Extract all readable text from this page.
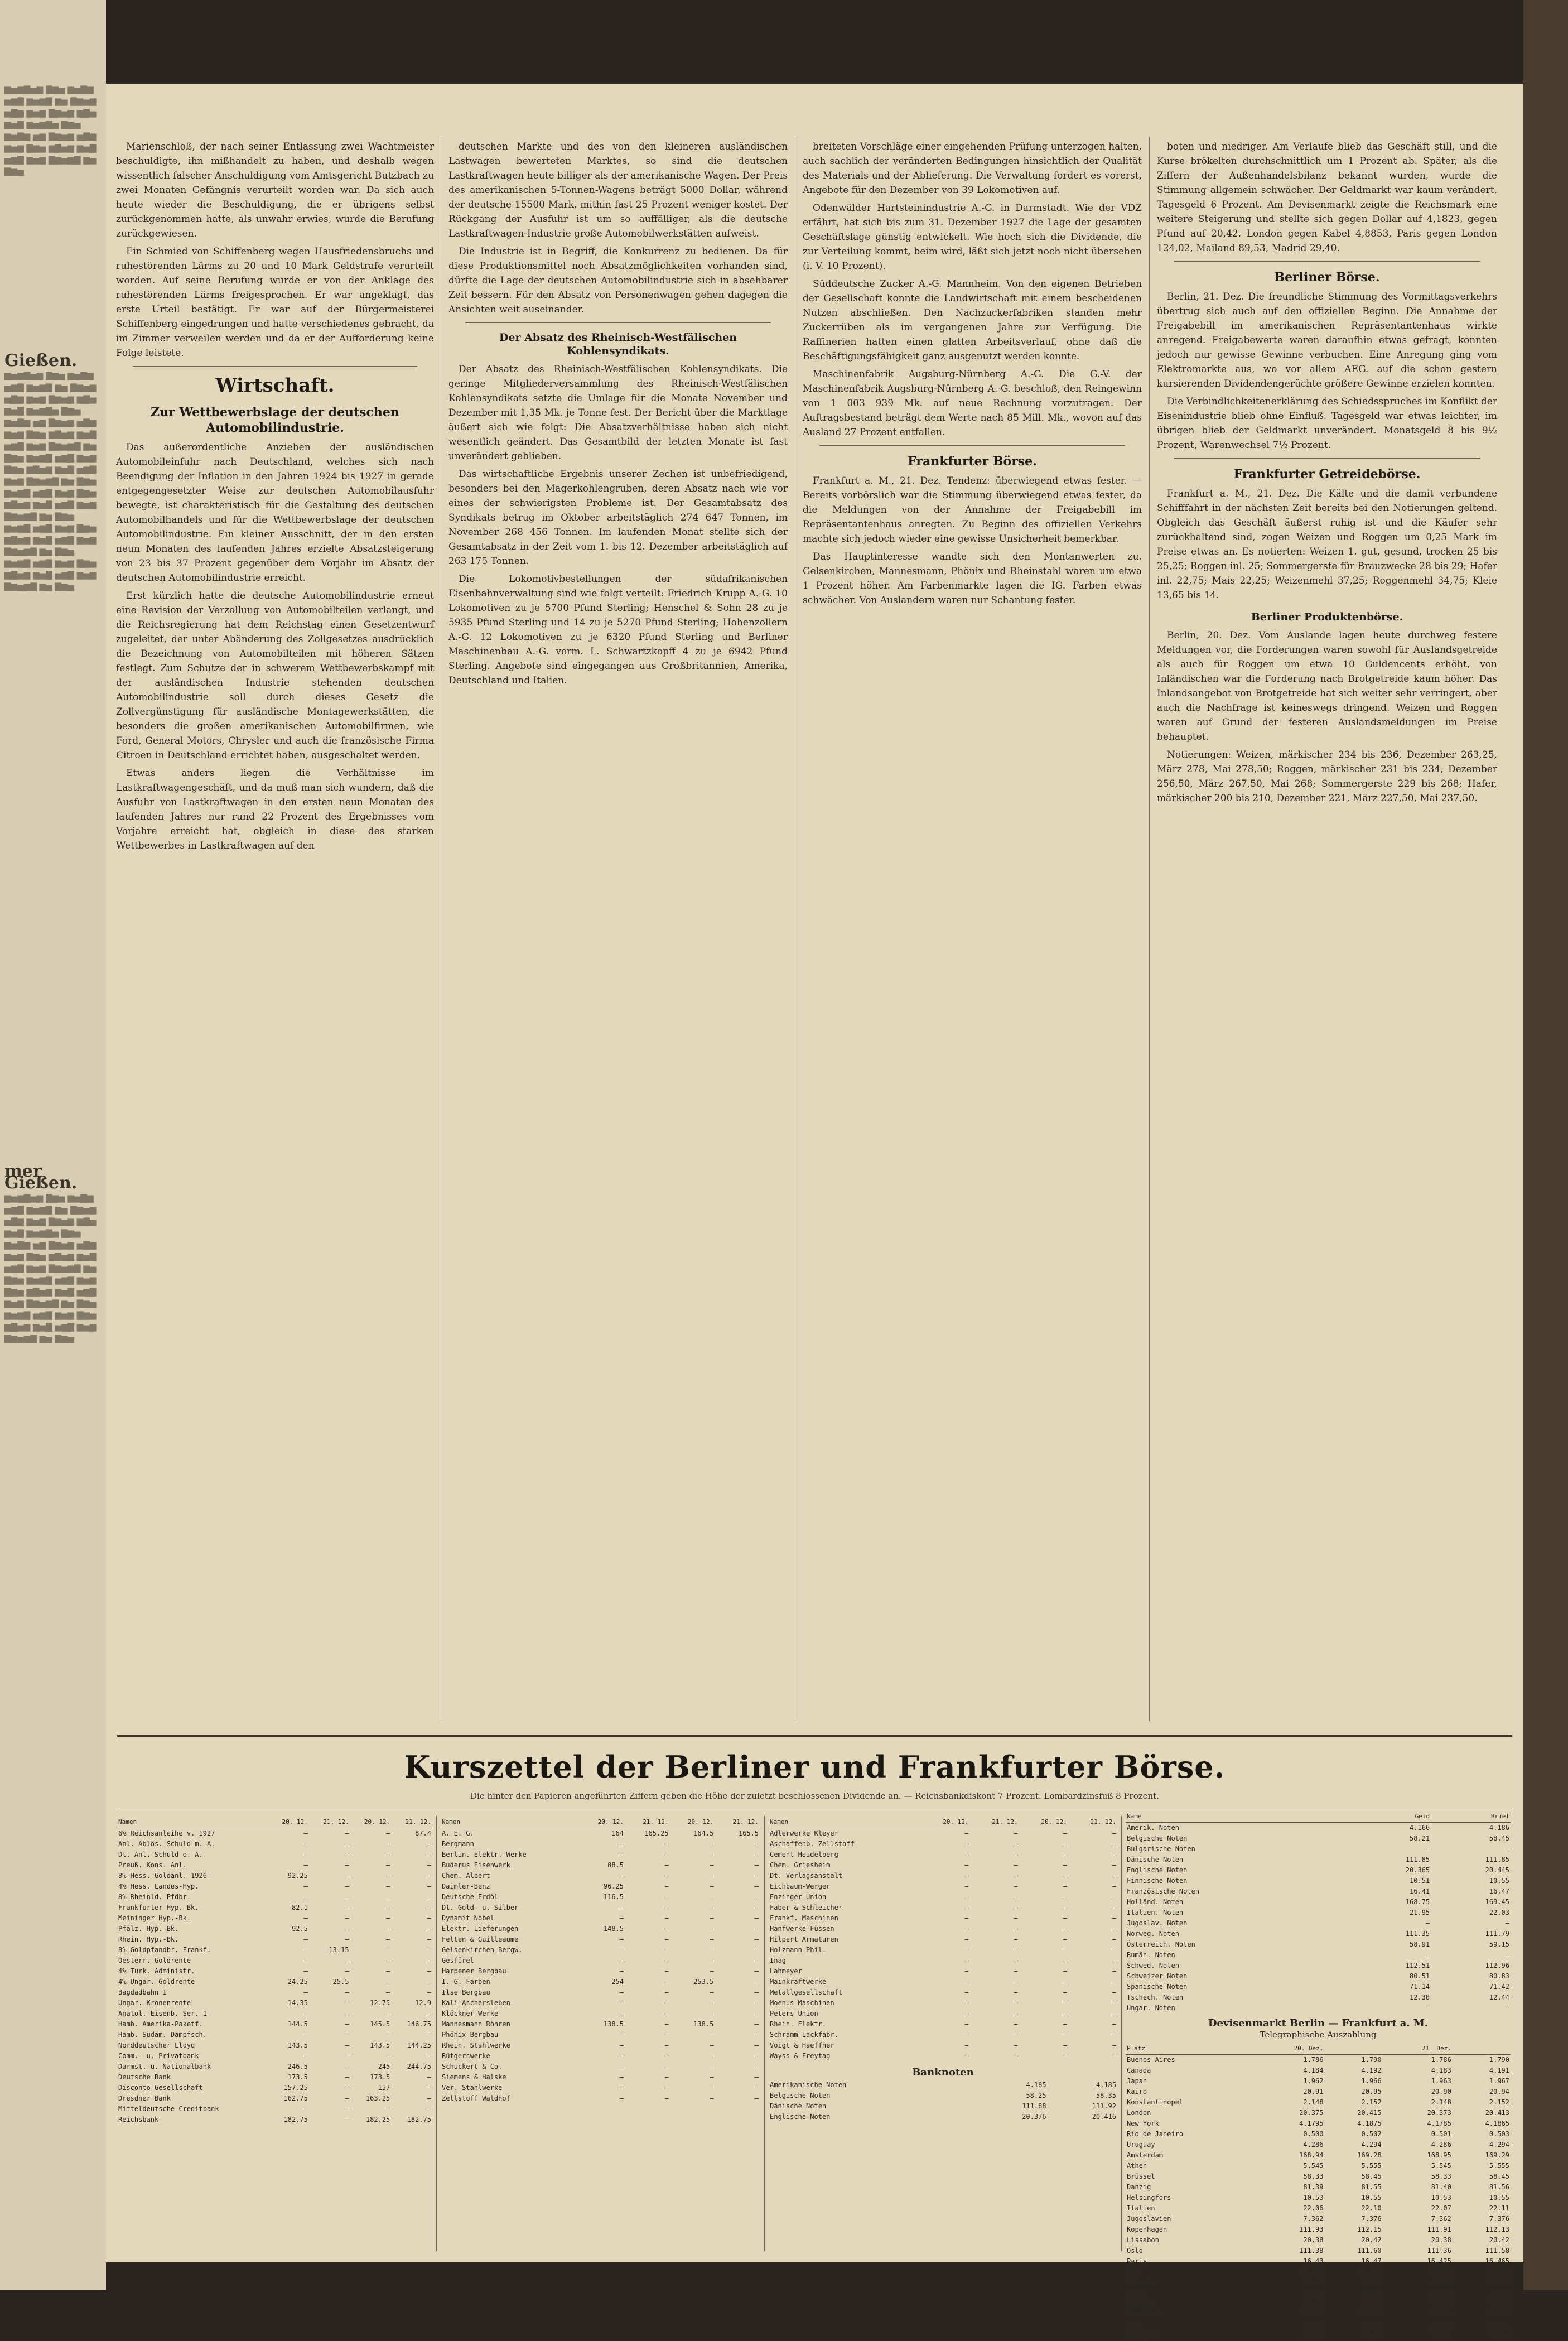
▆▅▆▇▅▆ ▇▆▅ ▆▅▇▆ ▅▆▇ ▆▅▆▇ ▆▅ ▇▆▅▆ ▅▇▆ ▆▅▆ ▇▆▅▆ ▆▇▅ ▆▅▇ ▆▅▆▇▅ ▇▆▅ ▆▅▇▆ ▅▆ ▇▆▅▆ ▅▇▆ ▆▅▆ ▇▆▅ ▆▇▅▆ ▆▅▇ ▅▆▇ ▆▅▆ ▇▆▅▆▇ ▆▅ ▇▆▅
Gießen.
▆▅▆▇▅▆ ▇▆▅ ▆▅▇▆ ▅▆▇ ▆▅▆▇ ▆▅ ▇▆▅▆ ▅▇▆ ▆▅▆ ▇▆▅▆ ▆▇▅ ▆▅▇ ▆▅▆▇▅ ▇▆▅ ▆▅▇▆ ▅▆ ▇▆▅▆ ▅▇▆ ▆▅▆ ▇▆▅ ▆▇▅▆ ▆▅▇ ▅▆▇ ▆▅▆ ▇▆▅▆▇ ▆▅ ▇▆▅ ▆▅▆▇ ▅▆▇ ▆▅▆ ▇▆▅ ▆▇▅▆ ▆▅▇ ▅▆▇ ▆▅▆ ▇▆▅▆▇ ▆▅ ▇▆▅ ▆▅▆▇ ▅▆▇ ▆▅▆ ▇▆▅ ▆▇▅▆ ▆▅▇ ▅▆▇ ▆▅▆ ▇▆▅▆▇ ▆▅ ▇▆▅ ▆▅▆▇ ▅▆▇ ▆▅▆ ▇▆▅ ▆▇▅▆ ▆▅▇ ▅▆▇ ▆▅▆ ▇▆▅▆▇ ▆▅ ▇▆▅ ▆▅▆▇ ▅▆▇ ▆▅▆ ▇▆▅ ▆▇▅▆ ▆▅▇ ▅▆▇ ▆▅▆ ▇▆▅▆▇ ▆▅ ▇▆▅
mer Gießen.
▆▅▆▇▅▆ ▇▆▅ ▆▅▇▆ ▅▆▇ ▆▅▆▇ ▆▅ ▇▆▅▆ ▅▇▆ ▆▅▆ ▇▆▅▆ ▆▇▅ ▆▅▇ ▆▅▆▇▅ ▇▆▅ ▆▅▇▆ ▅▆ ▇▆▅▆ ▅▇▆ ▆▅▆ ▇▆▅ ▆▇▅▆ ▆▅▇ ▅▆▇ ▆▅▆ ▇▆▅▆▇ ▆▅ ▇▆▅ ▆▅▆▇ ▅▆▇ ▆▅▆ ▇▆▅ ▆▇▅▆ ▆▅▇ ▅▆▇ ▆▅▆ ▇▆▅▆▇ ▆▅ ▇▆▅ ▆▅▆▇ ▅▆▇ ▆▅▆ ▇▆▅ ▆▇▅▆ ▆▅▇ ▅▆▇ ▆▅▆ ▇▆▅▆▇ ▆▅ ▇▆▅

Marienschloß, der nach seiner Entlassung zwei Wachtmeister beschuldigte, ihn mißhandelt zu haben, und deshalb wegen wissentlich falscher Anschuldigung vom Amtsgericht Butzbach zu zwei Monaten Gefängnis verurteilt worden war. Da sich auch heute wieder die Beschuldigung, die er übrigens selbst zurückgenommen hatte, als unwahr erwies, wurde die Berufung zurückgewiesen.

Ein Schmied von Schiffenberg wegen Hausfriedensbruchs und ruhestörenden Lärms zu 20 und 10 Mark Geldstrafe verurteilt worden. Auf seine Berufung wurde er von der Anklage des ruhestörenden Lärms freigesprochen. Er war angeklagt, das erste Urteil bestätigt. Er war auf der Bürgermeisterei Schiffenberg eingedrungen und hatte verschiedenes gebracht, da im Zimmer verweilen werden und da er der Aufforderung keine Folge leistete.

Wirtschaft.

Zur Wettbewerbslage der deutschen Automobilindustrie.

Das außerordentliche Anziehen der ausländischen Automobileinfuhr nach Deutschland, welches sich nach Beendigung der Inflation in den Jahren 1924 bis 1927 in gerade entgegengesetzter Weise zur deutschen Automobilausfuhr bewegte, ist charakteristisch für die Gestaltung des deutschen Automobilhandels und für die Wettbewerbslage der deutschen Automobilindustrie. Ein kleiner Ausschnitt, der in den ersten neun Monaten des laufenden Jahres erzielte Absatzsteigerung von 23 bis 37 Prozent gegenüber dem Vorjahr im Absatz der deutschen Automobilindustrie erreicht.

Erst kürzlich hatte die deutsche Automobilindustrie erneut eine Revision der Verzollung von Automobilteilen verlangt, und die Reichsregierung hat dem Reichstag einen Gesetzentwurf zugeleitet, der unter Abänderung des Zollgesetzes ausdrücklich die Bezeichnung von Automobilteilen mit höheren Sätzen festlegt. Zum Schutze der in schwerem Wettbewerbskampf mit der ausländischen Industrie stehenden deutschen Automobilindustrie soll durch dieses Gesetz die Zollvergünstigung für ausländische Montagewerkstätten, die besonders die großen amerikanischen Automobilfirmen, wie Ford, General Motors, Chrysler und auch die französische Firma Citroen in Deutschland errichtet haben, ausgeschaltet werden.

Etwas anders liegen die Verhältnisse im Lastkraftwagengeschäft, und da muß man sich wundern, daß die Ausfuhr von Lastkraftwagen in den ersten neun Monaten des laufenden Jahres nur rund 22 Prozent des Ergebnisses vom Vorjahre erreicht hat, obgleich in diese des starken Wettbewerbes in Lastkraftwagen auf den

deutschen Markte und des von den kleineren ausländischen Lastwagen bewerteten Marktes, so sind die deutschen Lastkraftwagen heute billiger als der amerikanische Wagen. Der Preis des amerikanischen 5-Tonnen-Wagens beträgt 5000 Dollar, während der deutsche 15500 Mark, mithin fast 25 Prozent weniger kostet. Der Rückgang der Ausfuhr ist um so auffälliger, als die deutsche Lastkraftwagen-Industrie große Automobilwerkstätten aufweist.

Die Industrie ist in Begriff, die Konkurrenz zu bedienen. Da für diese Produktionsmittel noch Absatzmöglichkeiten vorhanden sind, dürfte die Lage der deutschen Automobilindustrie sich in absehbarer Zeit bessern. Für den Absatz von Personenwagen gehen dagegen die Ansichten weit auseinander.

Der Absatz des Rheinisch-Westfälischen Kohlensyndikats.

Der Absatz des Rheinisch-Westfälischen Kohlensyndikats. Die geringe Mitgliederversammlung des Rheinisch-Westfälischen Kohlensyndikats setzte die Umlage für die Monate November und Dezember mit 1,35 Mk. je Tonne fest. Der Bericht über die Marktlage äußert sich wie folgt: Die Absatzverhältnisse haben sich nicht wesentlich geändert. Das Gesamtbild der letzten Monate ist fast unverändert geblieben.

Das wirtschaftliche Ergebnis unserer Zechen ist unbefriedigend, besonders bei den Magerkohlengruben, deren Absatz nach wie vor eines der schwierigsten Probleme ist. Der Gesamtabsatz des Syndikats betrug im Oktober arbeitstäglich 274 647 Tonnen, im November 268 456 Tonnen. Im laufenden Monat stellte sich der Gesamtabsatz in der Zeit vom 1. bis 12. Dezember arbeitstäglich auf 263 175 Tonnen.

Die Lokomotivbestellungen der südafrikanischen Eisenbahnverwaltung sind wie folgt verteilt: Friedrich Krupp A.-G. 10 Lokomotiven zu je 5700 Pfund Sterling; Henschel & Sohn 28 zu je 5935 Pfund Sterling und 14 zu je 5270 Pfund Sterling; Hohenzollern A.-G. 12 Lokomotiven zu je 6320 Pfund Sterling und Berliner Maschinenbau A.-G. vorm. L. Schwartzkopff 4 zu je 6942 Pfund Sterling. Angebote sind eingegangen aus Großbritannien, Amerika, Deutschland und Italien.

breiteten Vorschläge einer eingehenden Prüfung unterzogen halten, auch sachlich der veränderten Bedingungen hinsichtlich der Qualität des Materials und der Ablieferung. Die Verwaltung fordert es vorerst, Angebote für den Dezember von 39 Lokomotiven auf.

Odenwälder Hartsteinindustrie A.-G. in Darmstadt. Wie der VDZ erfährt, hat sich bis zum 31. Dezember 1927 die Lage der gesamten Geschäftslage günstig entwickelt. Wie hoch sich die Dividende, die zur Verteilung kommt, beim wird, läßt sich jetzt noch nicht übersehen (i. V. 10 Prozent).

Süddeutsche Zucker A.-G. Mannheim. Von den eigenen Betrieben der Gesellschaft konnte die Landwirtschaft mit einem bescheidenen Nutzen abschließen. Den Nachzuckerfabriken standen mehr Zuckerrüben als im vergangenen Jahre zur Verfügung. Die Raffinerien hatten einen glatten Arbeitsverlauf, ohne daß die Beschäftigungsfähigkeit ganz ausgenutzt werden konnte.

Maschinenfabrik Augsburg-Nürnberg A.-G. Die G.-V. der Maschinenfabrik Augsburg-Nürnberg A.-G. beschloß, den Reingewinn von 1 003 939 Mk. auf neue Rechnung vorzutragen. Der Auftragsbestand beträgt dem Werte nach 85 Mill. Mk., wovon auf das Ausland 27 Prozent entfallen.

Frankfurter Börse.

Frankfurt a. M., 21. Dez. Tendenz: überwiegend etwas fester. — Bereits vorbörslich war die Stimmung überwiegend etwas fester, da die Meldungen von der Annahme der Freigabebill im Repräsentantenhaus anregten. Zu Beginn des offiziellen Verkehrs machte sich jedoch wieder eine gewisse Unsicherheit bemerkbar.

Das Hauptinteresse wandte sich den Montanwerten zu. Gelsenkirchen, Mannesmann, Phönix und Rheinstahl waren um etwa 1 Prozent höher. Am Farbenmarkte lagen die IG. Farben etwas schwächer. Von Auslandern waren nur Schantung fester.

boten und niedriger. Am Verlaufe blieb das Geschäft still, und die Kurse brökelten durchschnittlich um 1 Prozent ab. Später, als die Ziffern der Außenhandelsbilanz bekannt wurden, wurde die Stimmung allgemein schwächer. Der Geldmarkt war kaum verändert. Tagesgeld 6 Prozent. Am Devisenmarkt zeigte die Reichsmark eine weitere Steigerung und stellte sich gegen Dollar auf 4,1823, gegen Pfund auf 20,42. London gegen Kabel 4,8853, Paris gegen London 124,02, Mailand 89,53, Madrid 29,40.

Berliner Börse.

Berlin, 21. Dez. Die freundliche Stimmung des Vormittagsverkehrs übertrug sich auch auf den offiziellen Beginn. Die Annahme der Freigabebill im amerikanischen Repräsentantenhaus wirkte anregend. Freigabewerte waren daraufhin etwas gefragt, konnten jedoch nur gewisse Gewinne verbuchen. Eine Anregung ging vom Elektromarkte aus, wo vor allem AEG. auf die schon gestern kursierenden Dividendengerüchte größere Gewinne erzielen konnten.

Die Verbindlichkeitenerklärung des Schiedsspruches im Konflikt der Eisenindustrie blieb ohne Einfluß. Tagesgeld war etwas leichter, im übrigen blieb der Geldmarkt unverändert. Monatsgeld 8 bis 9½ Prozent, Warenwechsel 7½ Prozent.

Frankfurter Getreidebörse.

Frankfurt a. M., 21. Dez. Die Kälte und die damit verbundene Schifffahrt in der nächsten Zeit bereits bei den Notierungen geltend. Obgleich das Geschäft äußerst ruhig ist und die Käufer sehr zurückhaltend sind, zogen Weizen und Roggen um 0,25 Mark im Preise etwas an. Es notierten: Weizen 1. gut, gesund, trocken 25 bis 25,25; Roggen inl. 25; Sommergerste für Brauzwecke 28 bis 29; Hafer inl. 22,75; Mais 22,25; Weizenmehl 37,25; Roggenmehl 34,75; Kleie 13,65 bis 14.

Berliner Produktenbörse.

Berlin, 20. Dez. Vom Auslande lagen heute durchweg festere Meldungen vor, die Forderungen waren sowohl für Auslandsgetreide als auch für Roggen um etwa 10 Guldencents erhöht, von Inländischen war die Forderung nach Brotgetreide kaum höher. Das Inlandsangebot von Brotgetreide hat sich weiter sehr verringert, aber auch die Nachfrage ist keineswegs dringend. Weizen und Roggen waren auf Grund der festeren Auslandsmeldungen im Preise behauptet.

Notierungen: Weizen, märkischer 234 bis 236, Dezember 263,25, März 278, Mai 278,50; Roggen, märkischer 231 bis 234, Dezember 256,50, März 267,50, Mai 268; Sommergerste 229 bis 268; Hafer, märkischer 200 bis 210, Dezember 221, März 227,50, Mai 237,50.

Kurszettel der Berliner und Frankfurter Börse.
Die hinter den Papieren angeführten Ziffern geben die Höhe der zuletzt beschlossenen Dividende an. — Reichsbankdiskont 7 Prozent. Lombardzinsfuß 8 Prozent.
Namen	20. 12.	21. 12.	20. 12.	21. 12.
6% Reichsanleihe v. 1927	—	—	—	87.4
Anl. Ablös.-Schuld m. A.	—	—	—	—
Dt. Anl.-Schuld o. A.	—	—	—	—
Preuß. Kons. Anl.	—	—	—	—
8% Hess. Goldanl. 1926	92.25	—	—	—
4% Hess. Landes-Hyp.	—	—	—	—
8% Rheinld. Pfdbr.	—	—	—	—
Frankfurter Hyp.-Bk.	82.1	—	—	—
Meininger Hyp.-Bk.	—	—	—	—
Pfälz. Hyp.-Bk.	92.5	—	—	—
Rhein. Hyp.-Bk.	—	—	—	—
8% Goldpfandbr. Frankf.	—	13.15	—	—
Oesterr. Goldrente	—	—	—	—
4% Türk. Administr.	—	—	—	—
4% Ungar. Goldrente	24.25	25.5	—	—
Bagdadbahn I	—	—	—	—
Ungar. Kronenrente	14.35	—	12.75	12.9
Anatol. Eisenb. Ser. 1	—	—	—	—
Hamb. Amerika-Paketf.	144.5	—	145.5	146.75
Hamb. Südam. Dampfsch.	—	—	—	—
Norddeutscher Lloyd	143.5	—	143.5	144.25
Comm.- u. Privatbank	—	—	—	—
Darmst. u. Nationalbank	246.5	—	245	244.75
Deutsche Bank	173.5	—	173.5	—
Disconto-Gesellschaft	157.25	—	157	—
Dresdner Bank	162.75	—	163.25	—
Mitteldeutsche Creditbank	—	—	—	—
Reichsbank	182.75	—	182.25	182.75
Namen	20. 12.	21. 12.	20. 12.	21. 12.
A. E. G.	164	165.25	164.5	165.5
Bergmann	—	—	—	—
Berlin. Elektr.-Werke	—	—	—	—
Buderus Eisenwerk	88.5	—	—	—
Chem. Albert	—	—	—	—
Daimler-Benz	96.25	—	—	—
Deutsche Erdöl	116.5	—	—	—
Dt. Gold- u. Silber	—	—	—	—
Dynamit Nobel	—	—	—	—
Elektr. Lieferungen	148.5	—	—	—
Felten & Guilleaume	—	—	—	—
Gelsenkirchen Bergw.	—	—	—	—
Gesfürel	—	—	—	—
Harpener Bergbau	—	—	—	—
I. G. Farben	254	—	253.5	—
Ilse Bergbau	—	—	—	—
Kali Aschersleben	—	—	—	—
Klöckner-Werke	—	—	—	—
Mannesmann Röhren	138.5	—	138.5	—
Phönix Bergbau	—	—	—	—
Rhein. Stahlwerke	—	—	—	—
Rütgerswerke	—	—	—	—
Schuckert & Co.	—	—	—	—
Siemens & Halske	—	—	—	—
Ver. Stahlwerke	—	—	—	—
Zellstoff Waldhof	—	—	—	—
Namen	20. 12.	21. 12.	20. 12.	21. 12.
Adlerwerke Kleyer	—	—	—	—
Aschaffenb. Zellstoff	—	—	—	—
Cement Heidelberg	—	—	—	—
Chem. Griesheim	—	—	—	—
Dt. Verlagsanstalt	—	—	—	—
Eichbaum-Werger	—	—	—	—
Enzinger Union	—	—	—	—
Faber & Schleicher	—	—	—	—
Frankf. Maschinen	—	—	—	—
Hanfwerke Füssen	—	—	—	—
Hilpert Armaturen	—	—	—	—
Holzmann Phil.	—	—	—	—
Inag	—	—	—	—
Lahmeyer	—	—	—	—
Mainkraftwerke	—	—	—	—
Metallgesellschaft	—	—	—	—
Moenus Maschinen	—	—	—	—
Peters Union	—	—	—	—
Rhein. Elektr.	—	—	—	—
Schramm Lackfabr.	—	—	—	—
Voigt & Haeffner	—	—	—	—
Wayss & Freytag	—	—	—	—
Banknoten
Amerikanische Noten	4.185	4.185
Belgische Noten	58.25	58.35
Dänische Noten	111.88	111.92
Englische Noten	20.376	20.416
Name	Geld	Brief
Amerik. Noten	4.166	4.186
Belgische Noten	58.21	58.45
Bulgarische Noten	—	—
Dänische Noten	111.85	111.85
Englische Noten	20.365	20.445
Finnische Noten	10.51	10.55
Französische Noten	16.41	16.47
Holländ. Noten	168.75	169.45
Italien. Noten	21.95	22.03
Jugoslav. Noten	—	—
Norweg. Noten	111.35	111.79
Österreich. Noten	58.91	59.15
Rumän. Noten	—	—
Schwed. Noten	112.51	112.96
Schweizer Noten	80.51	80.83
Spanische Noten	71.14	71.42
Tschech. Noten	12.38	12.44
Ungar. Noten	—	—
Devisenmarkt Berlin — Frankfurt a. M.
Telegraphische Auszahlung
Platz	20. Dez.		21. Dez.	
Buenos-Aires	1.786	1.790	1.786	1.790
Canada	4.184	4.192	4.183	4.191
Japan	1.962	1.966	1.963	1.967
Kairo	20.91	20.95	20.90	20.94
Konstantinopel	2.148	2.152	2.148	2.152
London	20.375	20.415	20.373	20.413
New York	4.1795	4.1875	4.1785	4.1865
Rio de Janeiro	0.500	0.502	0.501	0.503
Uruguay	4.286	4.294	4.286	4.294
Amsterdam	168.94	169.28	168.95	169.29
Athen	5.545	5.555	5.545	5.555
Brüssel	58.33	58.45	58.33	58.45
Danzig	81.39	81.55	81.40	81.56
Helsingfors	10.53	10.55	10.53	10.55
Italien	22.06	22.10	22.07	22.11
Jugoslavien	7.362	7.376	7.362	7.376
Kopenhagen	111.93	112.15	111.91	112.13
Lissabon	20.38	20.42	20.38	20.42
Oslo	111.38	111.60	111.36	111.58
Paris	16.43	16.47	16.425	16.465
Prag	12.385	12.405	12.385	12.405
Schweiz	80.64	80.80	80.63	80.79
Sofia	3.012	3.018	3.012	3.018
Spanien	71.23	71.37	71.25	71.39
Stockholm	112.55	112.77	112.53	112.75
Wien	58.93	59.05	58.92	59.04
Budapest	73.01	73.15	73.01	73.15
